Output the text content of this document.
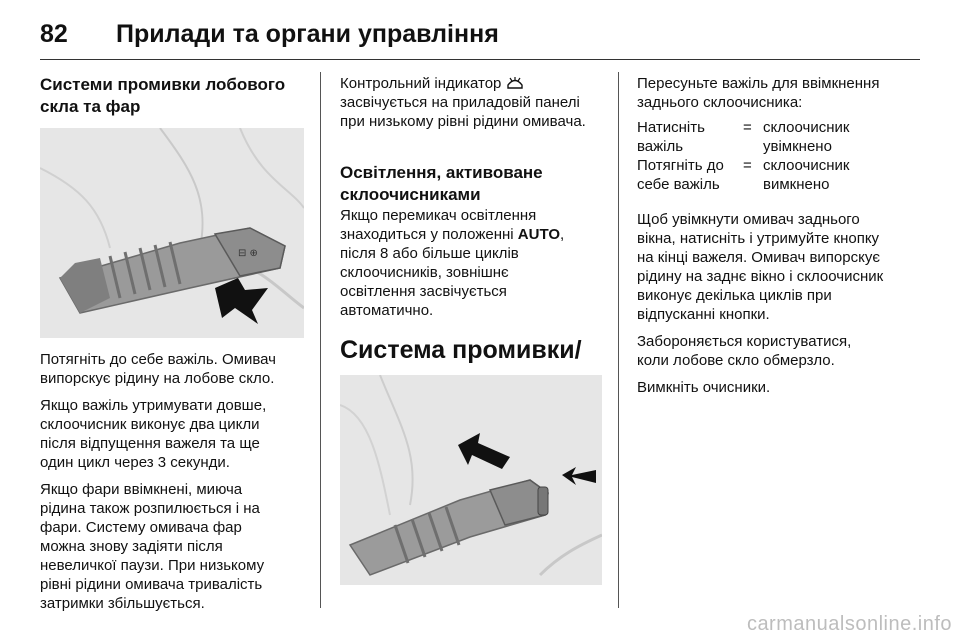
82 Прилади та органи управління
Системи промивки лобового скла та фар
⊟ ⊕
Потягніть до себе важіль. Омивач
випорскує рідину на лобове скло.
Якщо важіль утримувати довше,
склоочисник виконує два цикли
після відпущення важеля та ще
один цикл через 3 секунди.
Якщо фари ввімкнені, миюча
рідина також розпилюється і на
фари. Систему омивача фар
можна знову задіяти після
невеличкої паузи. При низькому
рівні рідини омивача тривалість
затримки збільшується.
Контрольний індикатор

засвічується на приладовій панелі
при низькому рівні рідини омивача.

Освітлення, активоване
склоочисниками
Якщо перемикач освітлення
знаходиться у положенні AUTO,
після 8 або більше циклів
склоочисників, зовнішнє
освітлення засвічується
автоматично.
Система промивки/

Пересуньте важіль для ввімкнення
заднього склоочисника:
Натисніть
важіль	=	склоочисник
увімкнено
Потягніть до
себе важіль	=	склоочисник
вимкнено
Щоб увімкнути омивач заднього
вікна, натисніть і утримуйте кнопку
на кінці важеля. Омивач випорскує
рідину на заднє вікно і склоочисник
виконує декілька циклів при
відпусканні кнопки.
Забороняється користуватися,
коли лобове скло обмерзло.
Вимкніть очисники.
carmanualsonline.info
